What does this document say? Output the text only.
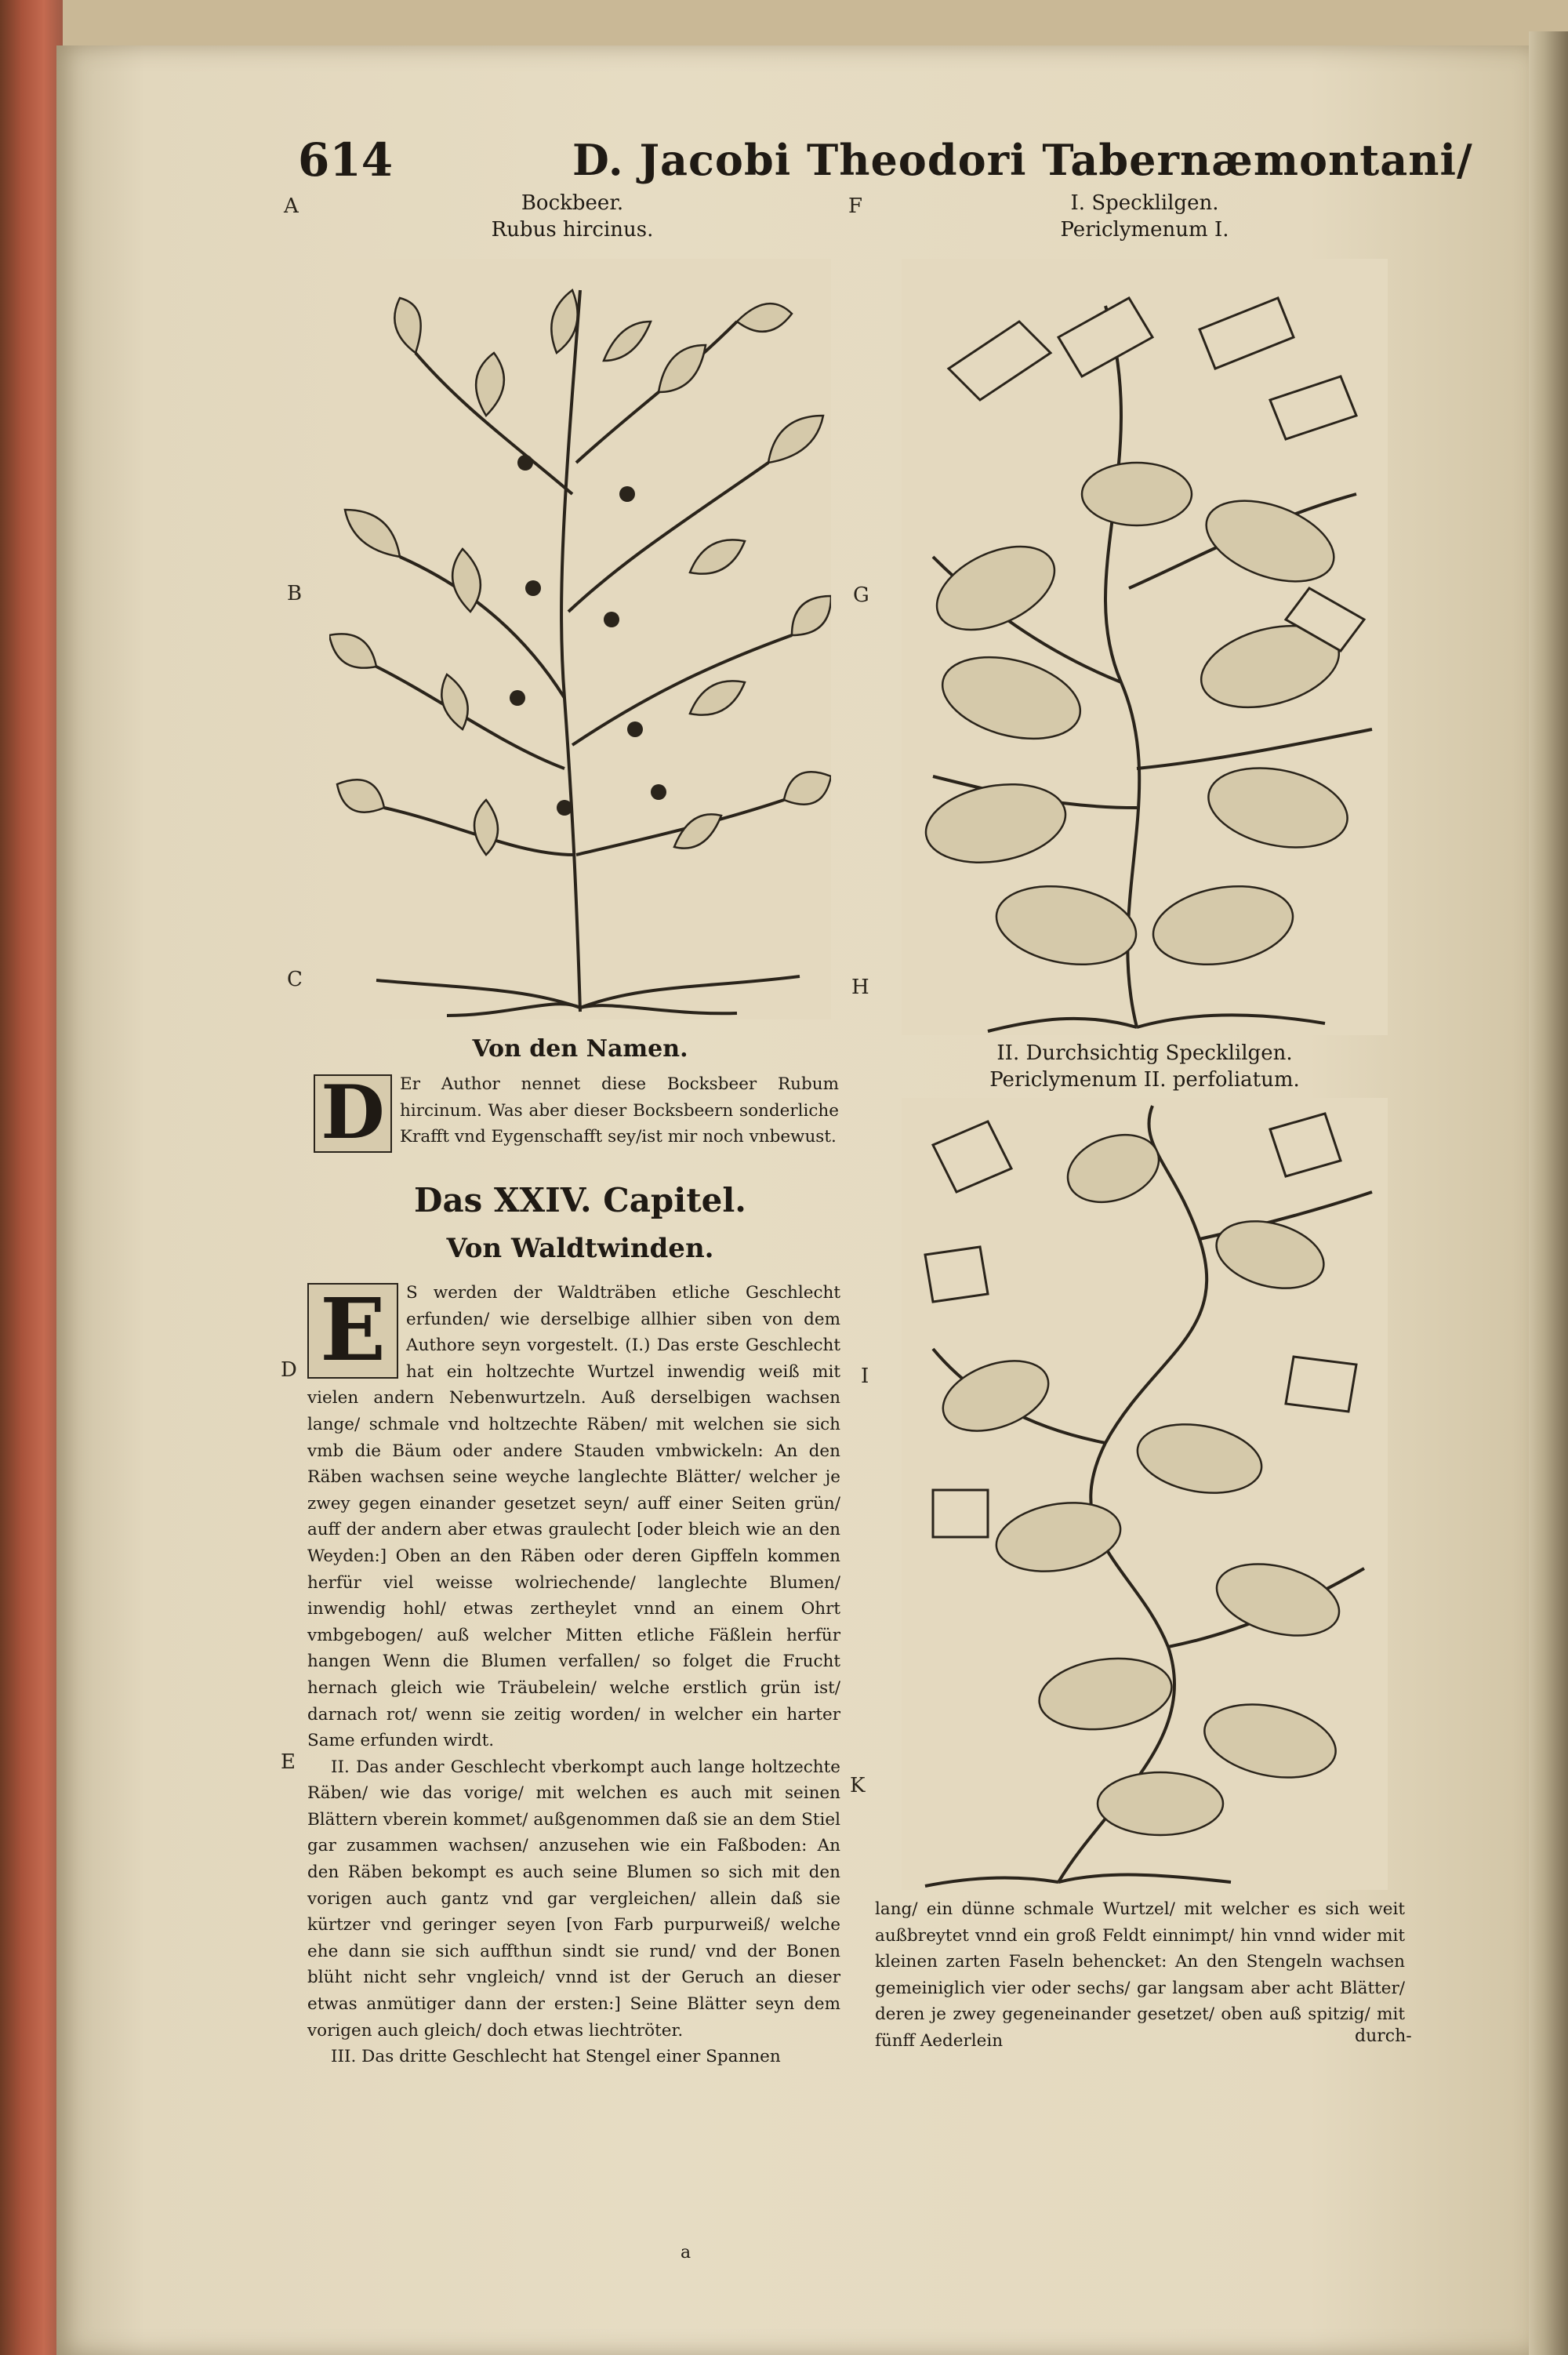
614	D. Jacobi Theodori Tabernæmontani/
A
B
C
D
E
F
G
H
I
K
Bockbeer.
Rubus hircinus.
I. Specklilgen.
Periclymenum I.
II. Durchsichtig Specklilgen.
Periclymenum II. perfoliatum.
Von den Namen.
D Er Author nennet diese Bocksbeer Rubum hircinum. Was aber dieser Bocksbeern sonderliche Krafft vnd Eygenschafft sey/ist mir noch vnbewust.
Das XXIV. Capitel.
Von Waldtwinden.

E	S werden der Waldträben etliche Geschlecht erfunden/ wie derselbige allhier siben von dem Authore seyn vorgestelt. (I.) Das erste Geschlecht hat ein holtzechte Wurtzel inwendig weiß mit vielen andern Nebenwurtzeln. Auß derselbigen wachsen lange/ schmale vnd holtzechte Räben/ mit welchen sie sich vmb die Bäum oder andere Stauden vmbwickeln: An den Räben wachsen seine weyche langlechte Blätter/ welcher je zwey gegen einander gesetzet seyn/ auff einer Seiten grün/ auff der andern aber etwas graulecht [oder bleich wie an den Weyden:] Oben an den Räben oder deren Gipffeln kommen herfür viel weisse wolriechende/ langlechte Blumen/ inwendig hohl/ etwas zertheylet vnnd an einem Ohrt vmbgebogen/ auß welcher Mitten etliche Fäßlein herfür hangen Wenn die Blumen verfallen/ so folget die Frucht hernach gleich wie Träubelein/ welche erstlich grün ist/ darnach rot/ wenn sie zeitig worden/ in welcher ein harter Same erfunden wirdt.

II. Das ander Geschlecht vberkompt auch lange holtzechte Räben/ wie das vorige/ mit welchen es auch mit seinen Blättern vberein kommet/ außgenommen daß sie an dem Stiel gar zusammen wachsen/ anzusehen wie ein Faßboden: An den Räben bekompt es auch seine Blumen so sich mit den vorigen auch gantz vnd gar vergleichen/ allein daß sie kürtzer vnd geringer seyen [von Farb purpurweiß/ welche ehe dann sie sich auffthun sindt sie rund/ vnd der Bonen blüht nicht sehr vngleich/ vnnd ist der Geruch an dieser etwas anmütiger dann der ersten:] Seine Blätter seyn dem vorigen auch gleich/ doch etwas liechtröter.

III. Das dritte Geschlecht hat Stengel einer Spannen

lang/ ein dünne schmale Wurtzel/ mit welcher es sich weit außbreytet vnnd ein groß Feldt einnimpt/ hin vnnd wider mit kleinen zarten Faseln behencket: An den Stengeln wachsen gemeiniglich vier oder sechs/ gar langsam aber acht Blätter/ deren je zwey gegeneinander gesetzet/ oben auß spitzig/ mit fünff Aederlein	durch-
a
